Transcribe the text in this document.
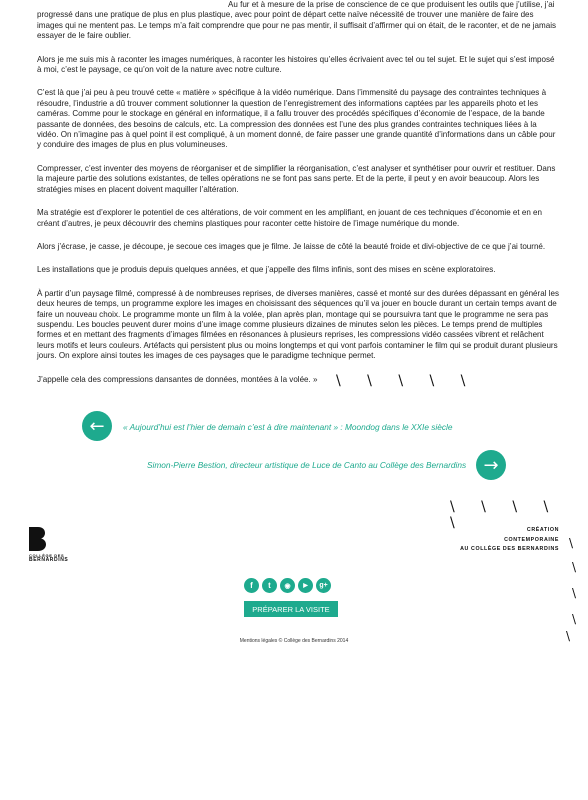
Au fur et à mesure de la prise de conscience de ce que produisent les outils que j’utilise, j’ai progressé dans une pratique de plus en plus plastique, avec pour point de départ cette naïve nécessité de trouver une manière de faire des images qui ne mentent pas. Le temps m’a fait comprendre que pour ne pas mentir, il suffisait d’affirmer qui on était, de le raconter, et de ne jamais essayer de le faire oublier.

Alors je me suis mis à raconter les images numériques, à raconter les histoires qu’elles écrivaient avec tel ou tel sujet. Et le sujet qui s’est imposé à moi, c’est le paysage, ce qu’on voit de la nature avec notre culture.

C’est là que j’ai peu à peu trouvé cette « matière » spécifique à la vidéo numérique. Dans l’immensité du paysage des contraintes techniques à résoudre, l’industrie a dû trouver comment solutionner la question de l’enregistrement des informations captées par les appareils photo et les caméras. Comme pour le stockage en général en informatique, il a fallu trouver des procédés spécifiques d’économie de l’espace, de la bande passante de données, des besoins de calculs, etc. La compression des données est l’une des plus grandes contraintes techniques liées à la vidéo. On n’imagine pas à quel point il est compliqué, à un moment donné, de faire passer une grande quantité d’informations dans un câble pour y conduire des images de plus en plus volumineuses.

Compresser, c’est inventer des moyens de réorganiser et de simplifier la réorganisation, c’est analyser et synthétiser pour ouvrir et restituer. Dans la majeure partie des solutions existantes, de telles opérations ne se font pas sans perte. Et de la perte, il peut y en avoir beaucoup. Alors les stratégies mises en placent doivent maquiller l’altération.

Ma stratégie est d’explorer le potentiel de ces altérations, de voir comment en les amplifiant, en jouant de ces techniques d’économie et en en créant d’autres, je peux découvrir des chemins plastiques pour raconter cette histoire de l’image numérique du monde.

Alors j’écrase, je casse, je découpe, je secoue ces images que je filme. Je laisse de côté la beauté froide et divi-objective de ce que j’ai tourné.

Les installations que je produis depuis quelques années, et que j’appelle des films infinis, sont des mises en scène exploratoires.

À partir d’un paysage filmé, compressé à de nombreuses reprises, de diverses manières, cassé et monté sur des durées dépassant en général les deux heures de temps, un programme explore les images en choisissant des séquences qu’il va jouer en boucle durant un certain temps avant de faire un nouveau choix. Le programme monte un film à la volée, plan après plan, montage qui se poursuivra tant que le programme ne sera pas suspendu. Les boucles peuvent durer moins d’une image comme plusieurs dizaines de minutes selon les pièces. Le temps prend de multiples formes et en mettant des fragments d’images filmées en résonances à plusieurs reprises, les compressions vidéo cassées vibrent et relâchent leurs motifs et leurs couleurs. Artéfacts qui persistent plus ou moins longtemps et qui vont parfois contaminer le film qui se produit durant plusieurs jours. On explore ainsi toutes les images de ces paysages que le paradigme technique permet.

J’appelle cela des compressions dansantes de données, montées à la volée. »	\ \ \ \ \
← « Aujourd’hui est l’hier de demain c’est à dire maintenant » : Moondog dans le XXIe siècle
Simon-Pierre Bestion, directeur artistique de Luce de Canto au Collège des Bernardins →
\ \ \ \ \
COLLÈGE DES
BERNARDINS
CRÉATION
CONTEMPORAINE
AU COLLÈGE DES BERNARDINS
f	t	◉	▶	g+
PRÉPARER LA VISITE
Mentions légales © Collège des Bernardins 2014
\
\
\
\
\
